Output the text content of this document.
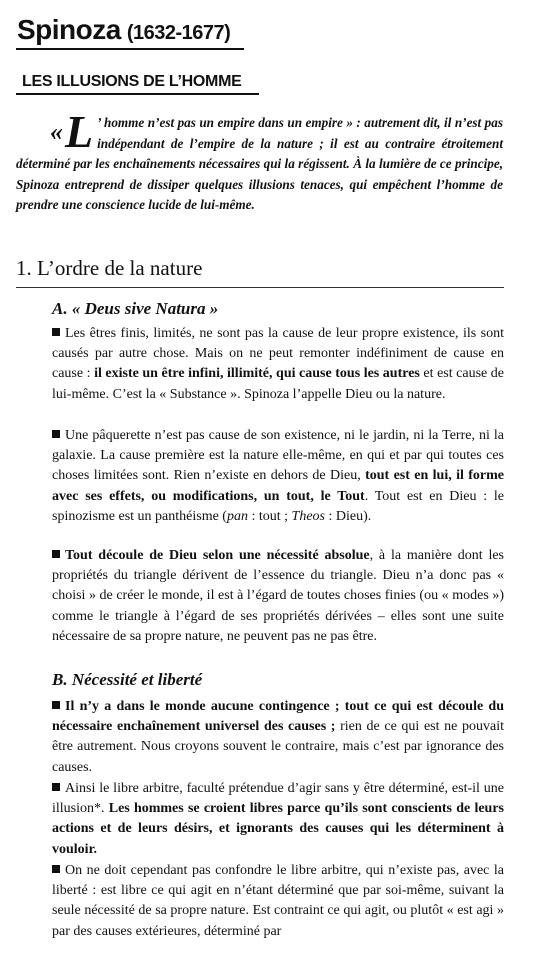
Spinoza (1632-1677)
LES ILLUSIONS DE L’HOMME
«L ’ homme n’est pas un empire dans un empire » : autrement dit, il n’est pas indépendant de l’empire de la nature ; il est au contraire étroitement déterminé par les enchaînements nécessaires qui la régissent. À la lumière de ce principe, Spinoza entreprend de dissiper quelques illusions tenaces, qui empêchent l’homme de prendre une conscience lucide de lui-même.
1. L’ordre de la nature
A. « Deus sive Natura »

Les êtres finis, limités, ne sont pas la cause de leur propre existence, ils sont causés par autre chose. Mais on ne peut remonter indéfiniment de cause en cause : il existe un être infini, illimité, qui cause tous les autres et est cause de lui-même. C’est la « Substance ». Spinoza l’appelle Dieu ou la nature.

Une pâquerette n’est pas cause de son existence, ni le jardin, ni la Terre, ni la galaxie. La cause première est la nature elle-même, en qui et par qui toutes ces choses limitées sont. Rien n’existe en dehors de Dieu, tout est en lui, il forme avec ses effets, ou modifications, un tout, le Tout. Tout est en Dieu : le spinozisme est un panthéisme (pan : tout ; Theos : Dieu).

Tout découle de Dieu selon une nécessité absolue, à la manière dont les propriétés du triangle dérivent de l’essence du triangle. Dieu n’a donc pas « choisi » de créer le monde, il est à l’égard de toutes choses finies (ou « modes ») comme le triangle à l’égard de ses propriétés dérivées – elles sont une suite nécessaire de sa propre nature, ne peuvent pas ne pas être.

B. Nécessité et liberté

Il n’y a dans le monde aucune contingence ; tout ce qui est découle du nécessaire enchaînement universel des causes ; rien de ce qui est ne pouvait être autrement. Nous croyons souvent le contraire, mais c’est par ignorance des causes.

Ainsi le libre arbitre, faculté prétendue d’agir sans y être déterminé, est-il une illusion*. Les hommes se croient libres parce qu’ils sont conscients de leurs actions et de leurs désirs, et ignorants des causes qui les déterminent à vouloir.

On ne doit cependant pas confondre le libre arbitre, qui n’existe pas, avec la liberté : est libre ce qui agit en n’étant déterminé que par soi-même, suivant la seule nécessité de sa propre nature. Est contraint ce qui agit, ou plutôt « est agi » par des causes extérieures, déterminé par
